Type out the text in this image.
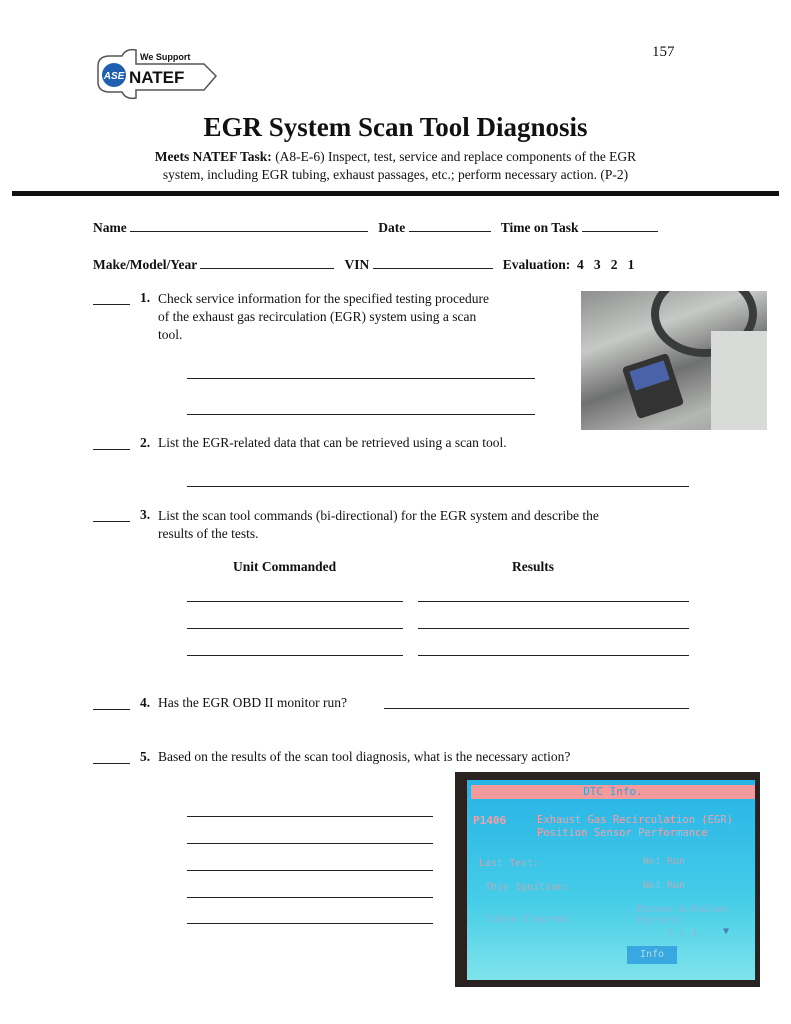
157
ASE
We Support
NATEF
EGR System Scan Tool Diagnosis
Meets NATEF Task: (A8-E-6) Inspect, test, service and replace components of the EGR
system, including EGR tubing, exhaust passages, etc.; perform necessary action. (P-2)
Name	Date	Time on Task
Make/Model/Year	VIN	Evaluation: 4 3 2 1
1. Check service information for the specified testing procedure
of the exhaust gas recirculation (EGR) system using a scan
tool.
2. List the EGR-related data that can be retrieved using a scan tool.
3. List the scan tool commands (bi-directional) for the EGR system and describe the
results of the tests.
Unit Commanded	Results
4. Has the EGR OBD II monitor run?
5. Based on the results of the scan tool diagnosis, what is the necessary action?
DTC Info.
P1406	Exhaust Gas Recirculation (EGR)
Position Sensor Performance
Last Test:	Not Run
This Ignition:	Not Run
Since Cleared:
Passed & Failed History
7 / 4	▼
Info
